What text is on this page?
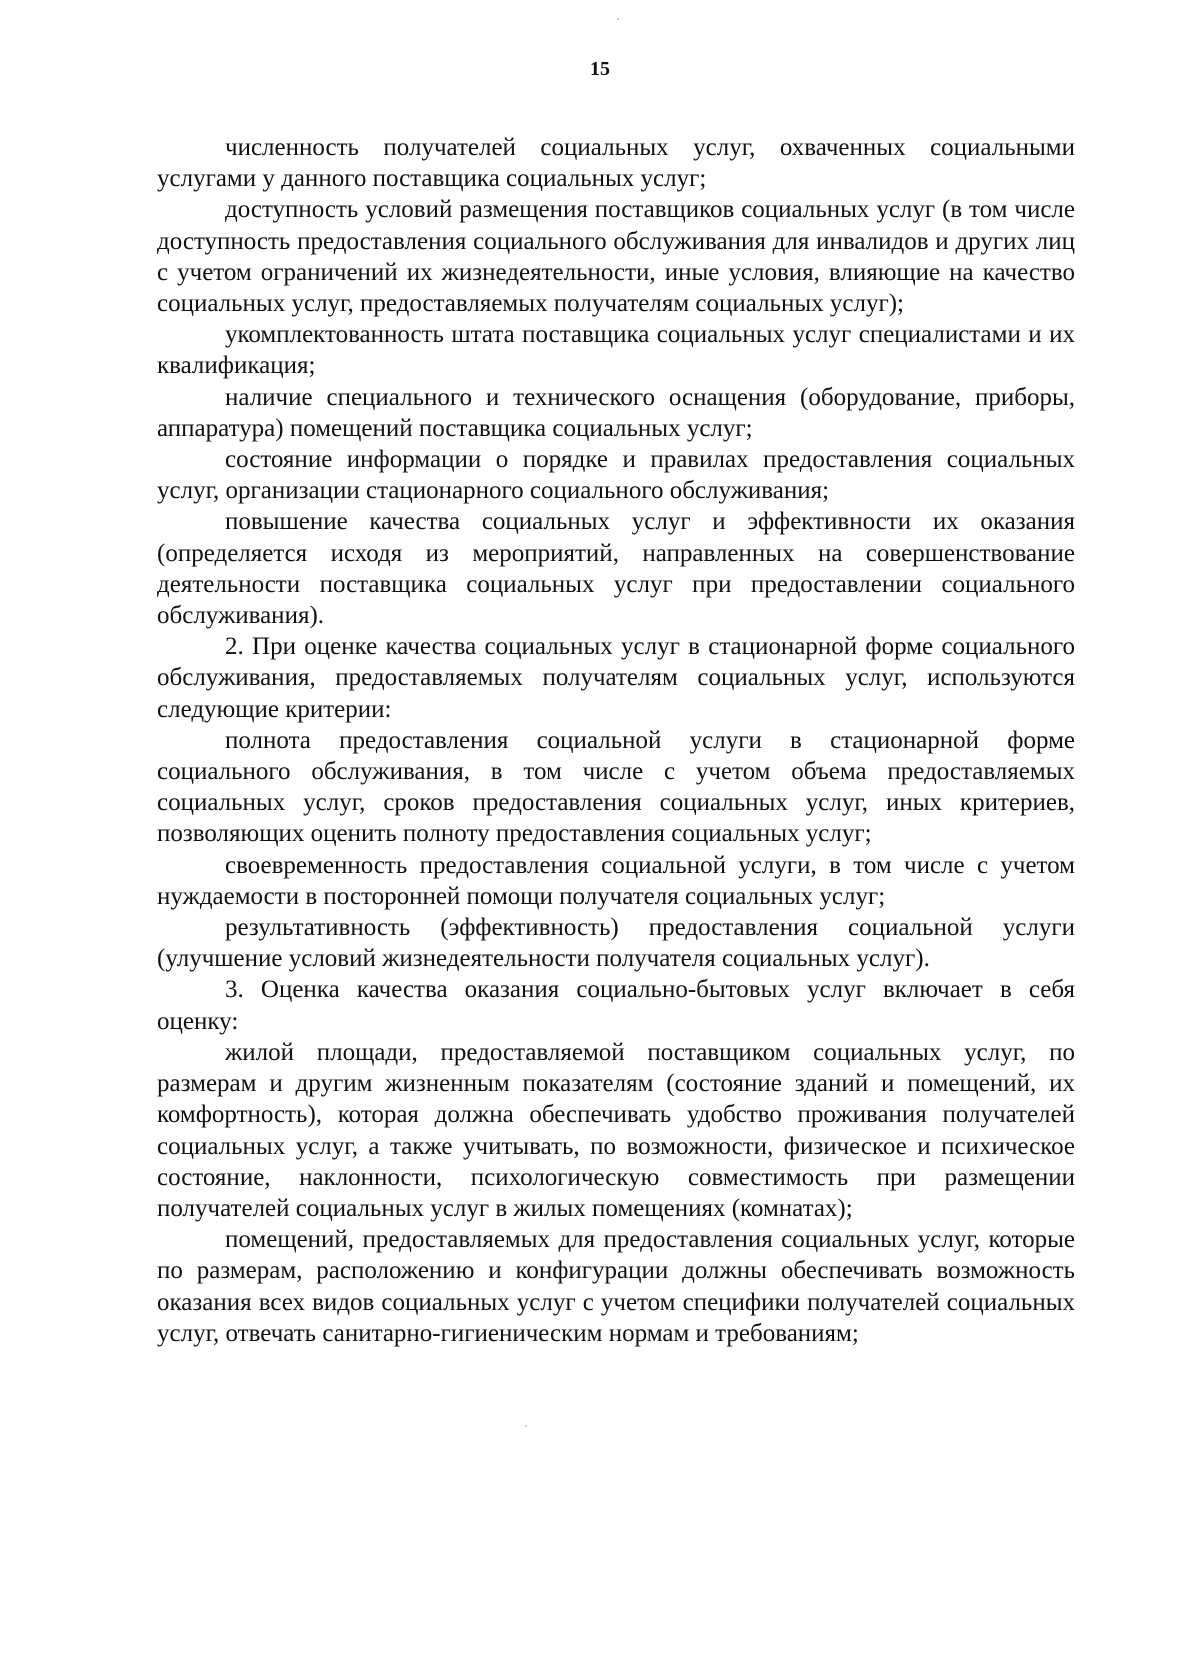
15

численность получателей социальных услуг, охваченных социальными услугами у данного поставщика социальных услуг;

доступность условий размещения поставщиков социальных услуг (в том числе доступность предоставления социального обслуживания для инвалидов и других лиц с учетом ограничений их жизнедеятельности, иные условия, влияющие на качество социальных услуг, предоставляемых получателям социальных услуг);

укомплектованность штата поставщика социальных услуг специалистами и их квалификация;

наличие специального и технического оснащения (оборудование, приборы, аппаратура) помещений поставщика социальных услуг;

состояние информации о порядке и правилах предоставления социальных услуг, организации стационарного социального обслуживания;

повышение качества социальных услуг и эффективности их оказания (определяется исходя из мероприятий, направленных на совершенствование деятельности поставщика социальных услуг при предоставлении социального обслуживания).

2. При оценке качества социальных услуг в стационарной форме социального обслуживания, предоставляемых получателям социальных услуг, используются следующие критерии:

полнота предоставления социальной услуги в стационарной форме социального обслуживания, в том числе с учетом объема предоставляемых социальных услуг, сроков предоставления социальных услуг, иных критериев, позволяющих оценить полноту предоставления социальных услуг;

своевременность предоставления социальной услуги, в том числе с учетом нуждаемости в посторонней помощи получателя социальных услуг;

результативность (эффективность) предоставления социальной услуги (улучшение условий жизнедеятельности получателя социальных услуг).

3. Оценка качества оказания социально-бытовых услуг включает в себя оценку:

жилой площади, предоставляемой поставщиком социальных услуг, по размерам и другим жизненным показателям (состояние зданий и помещений, их комфортность), которая должна обеспечивать удобство проживания получателей социальных услуг, а также учитывать, по возможности, физическое и психическое состояние, наклонности, психологическую совместимость при размещении получателей социальных услуг в жилых помещениях (комнатах);

помещений, предоставляемых для предоставления социальных услуг, которые по размерам, расположению и конфигурации должны обеспечивать возможность оказания всех видов социальных услуг с учетом специфики получателей социальных услуг, отвечать санитарно-гигиеническим нормам и требованиям;
